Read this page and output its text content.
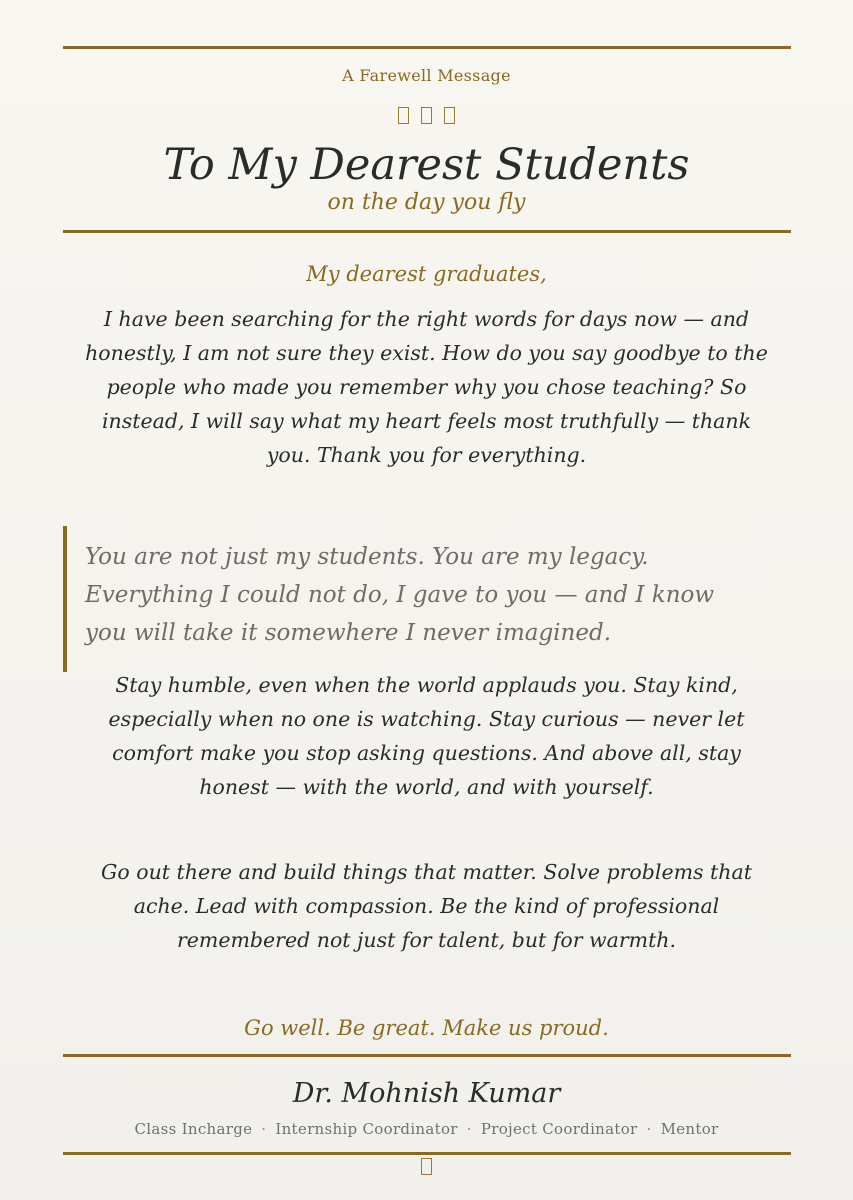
A Farewell Message
To My Dearest Students
on the day you fly
My dearest graduates,

I have been searching for the right words for days now — and honestly, I am not sure they exist. How do you say goodbye to the people who made you remember why you chose teaching? So instead, I will say what my heart feels most truthfully — thank you. Thank you for everything.

You are not just my students. You are my legacy. Everything I could not do, I gave to you — and I know you will take it somewhere I never imagined.

Stay humble, even when the world applauds you. Stay kind, especially when no one is watching. Stay curious — never let comfort make you stop asking questions. And above all, stay honest — with the world, and with yourself.

Go out there and build things that matter. Solve problems that ache. Lead with compassion. Be the kind of professional remembered not just for talent, but for warmth.

Go well. Be great. Make us proud.
Dr. Mohnish Kumar
Class Incharge · Internship Coordinator · Project Coordinator · Mentor
